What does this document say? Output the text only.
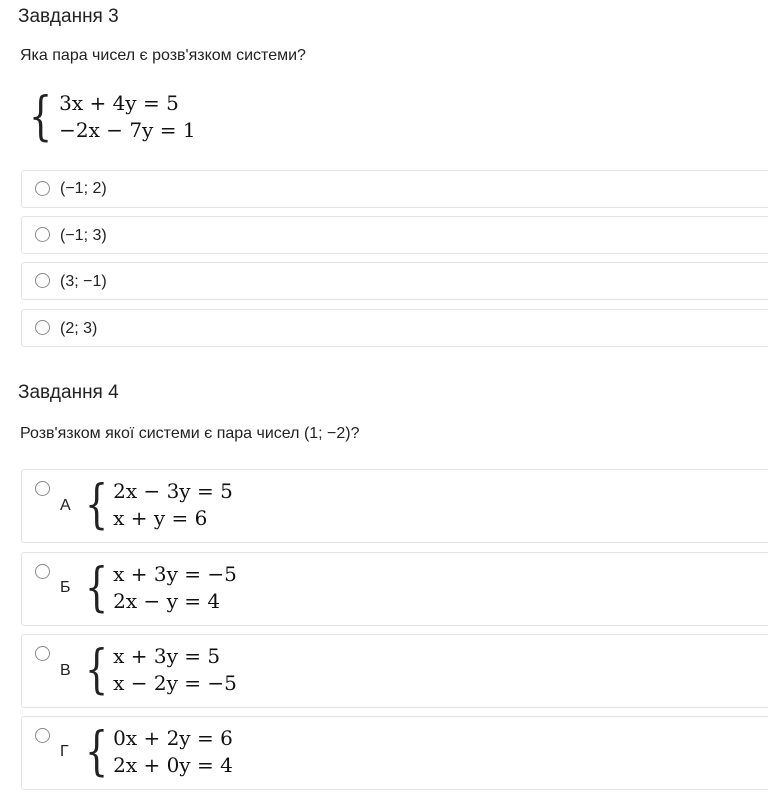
Завдання 3
Яка пара чисел є розв'язком системи?
{ 3x + 4y = 5
−2x − 7y = 1
(−1; 2)
(−1; 3)
(3; −1)
(2; 3)
Завдання 4
Розв'язком якої системи є пара чисел (1; −2)?
А { 2x − 3y = 5
x + y = 6
Б { x + 3y = −5
2x − y = 4
В { x + 3y = 5
x − 2y = −5
Г { 0x + 2y = 6
2x + 0y = 4
